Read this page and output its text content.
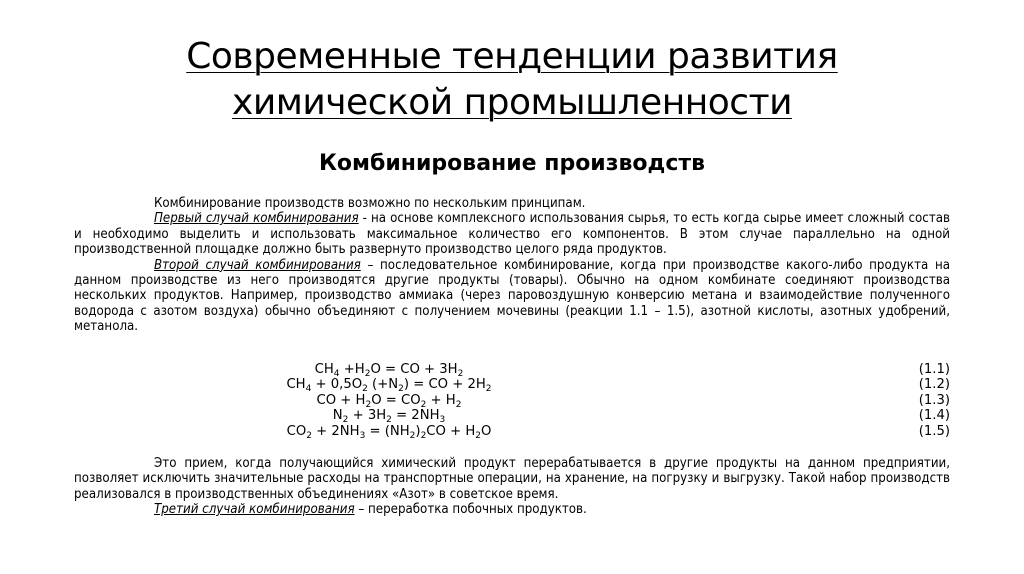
Современные тенденции развития
химической промышленности
Комбинирование производств

Комбинирование производств возможно по нескольким принципам.

Первый случай комбинирования - на основе комплексного использования сырья, то есть когда сырье имеет сложный состав и необходимо выделить и использовать максимальное количество его компонентов. В этом случае параллельно на одной производственной площадке должно быть развернуто производство целого ряда продуктов.

Второй случай комбинирования – последовательное комбинирование, когда при производстве какого-либо продукта на данном производстве из него производятся другие продукты (товары). Обычно на одном комбинате соединяют производства нескольких продуктов. Например, производство аммиака (через паровоздушную конверсию метана и взаимодействие полученного водорода с азотом воздуха) обычно объединяют с получением мочевины (реакции 1.1 – 1.5), азотной кислоты, азотных удобрений, метанола.

$CH_4 +H_2O$ = CO + $3H_2$	(1.1)
$CH_4 + 0,5O_2$ $(+N_2)$ = CO + $2H_2$	(1.2)
CO + $H_2O = CO_2 + H_2$	(1.3)
$N_2 + 3H_2 = 2NH_3$	(1.4)
$CO_2 + 2NH_3 = (NH_2)_2CO + H_2O$	(1.5)

Это прием, когда получающийся химический продукт перерабатывается в другие продукты на данном предприятии, позволяет исключить значительные расходы на транспортные операции, на хранение, на погрузку и выгрузку. Такой набор производств реализовался в производственных объединениях «Азот» в советское время.

Третий случай комбинирования – переработка побочных продуктов.
